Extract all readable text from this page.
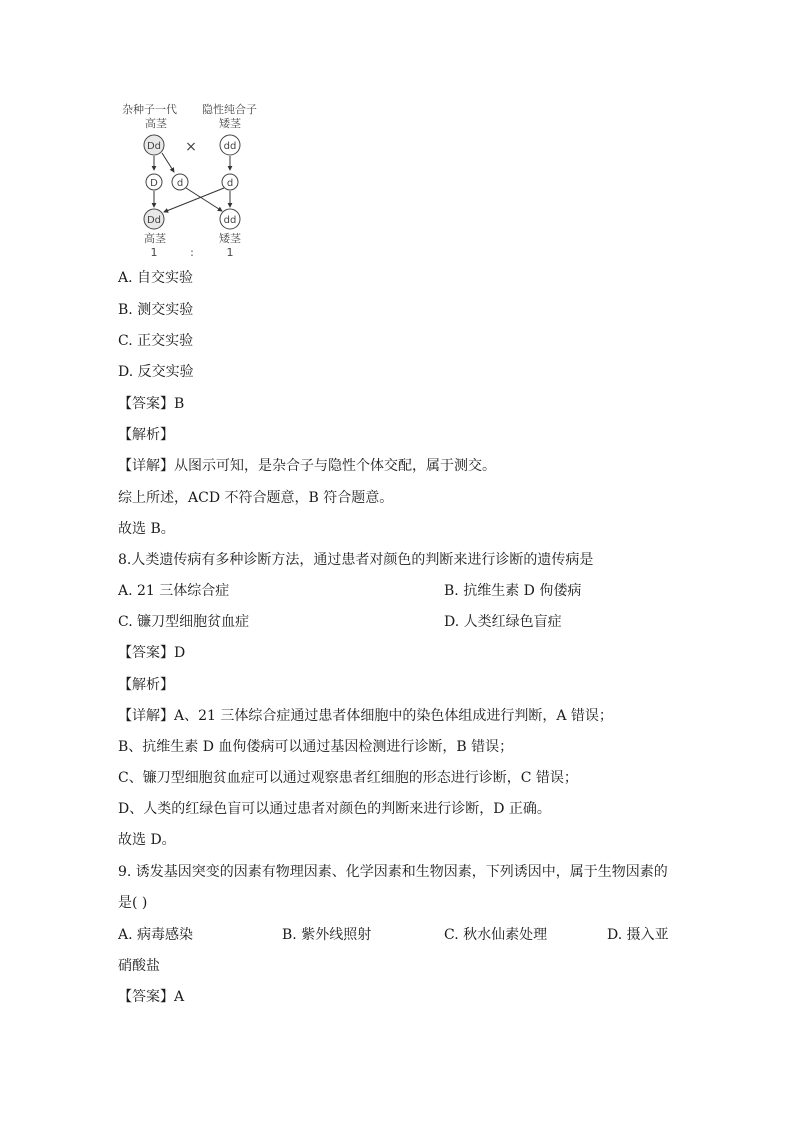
杂种子一代 隐性纯合子
高茎	矮茎
Dd ×	dd
D d	d
Dd	dd
高茎	矮茎
1	:	1
A. 自交实验
B. 测交实验
C. 正交实验
D. 反交实验
【答案】B
【解析】
【详解】从图示可知，是杂合子与隐性个体交配，属于测交。
综上所述，ACD 不符合题意，B 符合题意。
故选 B。
8.人类遗传病有多种诊断方法，通过患者对颜色的判断来进行诊断的遗传病是
A. 21 三体综合症	B. 抗维生素 D 佝偻病
C. 镰刀型细胞贫血症	D. 人类红绿色盲症
【答案】D
【解析】
【详解】A、21 三体综合症通过患者体细胞中的染色体组成进行判断，A 错误；
B、抗维生素 D 血佝偻病可以通过基因检测进行诊断，B 错误；
C、镰刀型细胞贫血症可以通过观察患者红细胞的形态进行诊断，C 错误；
D、人类的红绿色盲可以通过患者对颜色的判断来进行诊断，D 正确。
故选 D。
9. 诱发基因突变的因素有物理因素、化学因素和生物因素，下列诱因中，属于生物因素的
是( )
A. 病毒感染	B. 紫外线照射	C. 秋水仙素处理	D. 摄入亚
硝酸盐
【答案】A
